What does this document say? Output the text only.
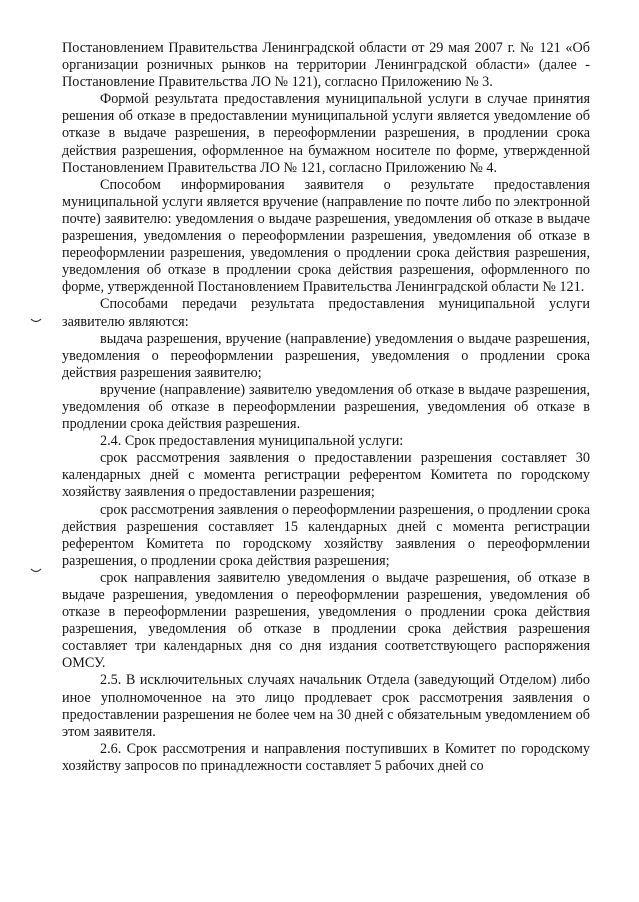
Постановлением Правительства Ленинградской области от 29 мая 2007 г. № 121 «Об организации розничных рынков на территории Ленинградской области» (далее - Постановление Правительства ЛО № 121), согласно Приложению № 3.

Формой результата предоставления муниципальной услуги в случае принятия решения об отказе в предоставлении муниципальной услуги является уведомление об отказе в выдаче разрешения, в переоформлении разрешения, в продлении срока действия разрешения, оформленное на бумажном носителе по форме, утвержденной Постановлением Правительства ЛО № 121, согласно Приложению № 4.

Способом информирования заявителя о результате предоставления муниципальной услуги является вручение (направление по почте либо по электронной почте) заявителю: уведомления о выдаче разрешения, уведомления об отказе в выдаче разрешения, уведомления о переоформлении разрешения, уведомления об отказе в переоформлении разрешения, уведомления о продлении срока действия разрешения, уведомления об отказе в продлении срока действия разрешения, оформленного по форме, утвержденной Постановлением Правительства Ленинградской области № 121.

Способами передачи результата предоставления муниципальной услуги заявителю являются:

выдача разрешения, вручение (направление) уведомления о выдаче разрешения, уведомления о переоформлении разрешения, уведомления о продлении срока действия разрешения заявителю;

вручение (направление) заявителю уведомления об отказе в выдаче разрешения, уведомления об отказе в переоформлении разрешения, уведомления об отказе в продлении срока действия разрешения.

2.4. Срок предоставления муниципальной услуги:

срок рассмотрения заявления о предоставлении разрешения составляет 30 календарных дней с момента регистрации референтом Комитета по городскому хозяйству заявления о предоставлении разрешения;

срок рассмотрения заявления о переоформлении разрешения, о продлении срока действия разрешения составляет 15 календарных дней с момента регистрации референтом Комитета по городскому хозяйству заявления о переоформлении разрешения, о продлении срока действия разрешения;

срок направления заявителю уведомления о выдаче разрешения, об отказе в выдаче разрешения, уведомления о переоформлении разрешения, уведомления об отказе в переоформлении разрешения, уведомления о продлении срока действия разрешения, уведомления об отказе в продлении срока действия разрешения составляет три календарных дня со дня издания соответствующего распоряжения ОМСУ.

2.5. В исключительных случаях начальник Отдела (заведующий Отделом) либо иное уполномоченное на это лицо продлевает срок рассмотрения заявления о предоставлении разрешения не более чем на 30 дней с обязательным уведомлением об этом заявителя.

2.6. Срок рассмотрения и направления поступивших в Комитет по городскому хозяйству запросов по принадлежности составляет 5 рабочих дней со
